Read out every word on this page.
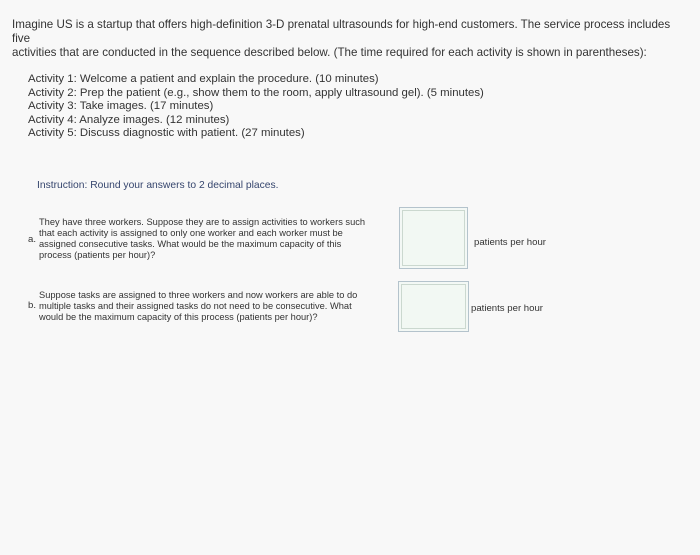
Imagine US is a startup that offers high-definition 3-D prenatal ultrasounds for high-end customers. The service process includes five
activities that are conducted in the sequence described below. (The time required for each activity is shown in parentheses):
Activity 1: Welcome a patient and explain the procedure. (10 minutes)
Activity 2: Prep the patient (e.g., show them to the room, apply ultrasound gel). (5 minutes)
Activity 3: Take images. (17 minutes)
Activity 4: Analyze images. (12 minutes)
Activity 5: Discuss diagnostic with patient. (27 minutes)
Instruction: Round your answers to 2 decimal places.
a.
They have three workers. Suppose they are to assign activities to workers such
that each activity is assigned to only one worker and each worker must be
assigned consecutive tasks. What would be the maximum capacity of this
process (patients per hour)?
patients per hour
b.
Suppose tasks are assigned to three workers and now workers are able to do
multiple tasks and their assigned tasks do not need to be consecutive. What
would be the maximum capacity of this process (patients per hour)?
patients per hour
